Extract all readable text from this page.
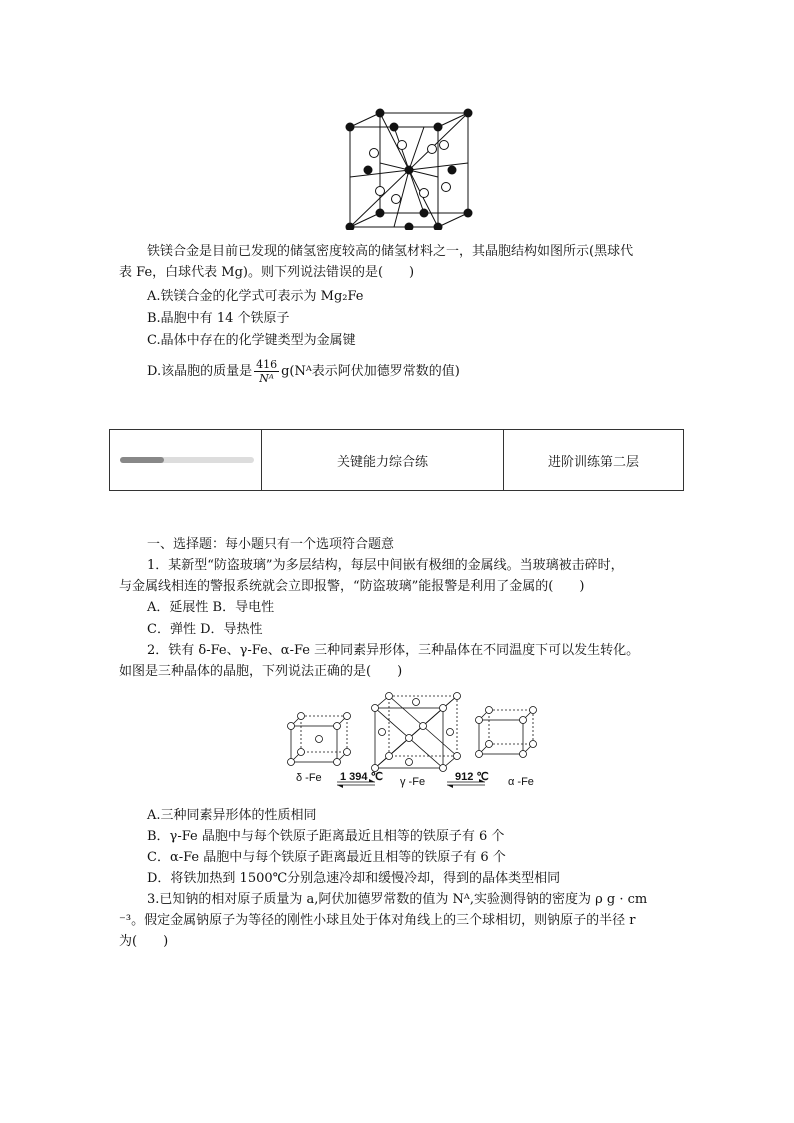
铁镁合金是目前已发现的储氢密度较高的储氢材料之一，其晶胞结构如图所示(黑球代
表 Fe，白球代表 Mg)。则下列说法错误的是(　　)
A.铁镁合金的化学式可表示为 Mg₂Fe
B.晶胞中有 14 个铁原子
C.晶体中存在的化学键类型为金属键
D.该晶胞的质量是 $\frac{416}{\text{Nᴬ}}$ g(Nᴬ表示阿伏加德罗常数的值)
关键能力综合练	进阶训练第二层
一、选择题：每小题只有一个选项符合题意
1．某新型“防盗玻璃”为多层结构，每层中间嵌有极细的金属线。当玻璃被击碎时，
与金属线相连的警报系统就会立即报警，“防盗玻璃”能报警是利用了金属的(　　)
A．延展性 B．导电性
C．弹性 D．导热性
2．铁有 δ-Fe、γ-Fe、α-Fe 三种同素异形体，三种晶体在不同温度下可以发生转化。
如图是三种晶体的晶胞，下列说法正确的是(　　)
δ -Fe 1 394 ℃ γ -Fe	912 ℃ α -Fe
A.三种同素异形体的性质相同
B．γ-Fe 晶胞中与每个铁原子距离最近且相等的铁原子有 6 个
C．α-Fe 晶胞中与每个铁原子距离最近且相等的铁原子有 6 个
D．将铁加热到 1500℃分别急速冷却和缓慢冷却，得到的晶体类型相同
3.已知钠的相对原子质量为 a,阿伏加德罗常数的值为 Nᴬ,实验测得钠的密度为 ρ g · cm
⁻³。假定金属钠原子为等径的刚性小球且处于体对角线上的三个球相切，则钠原子的半径 r
为(　　)
